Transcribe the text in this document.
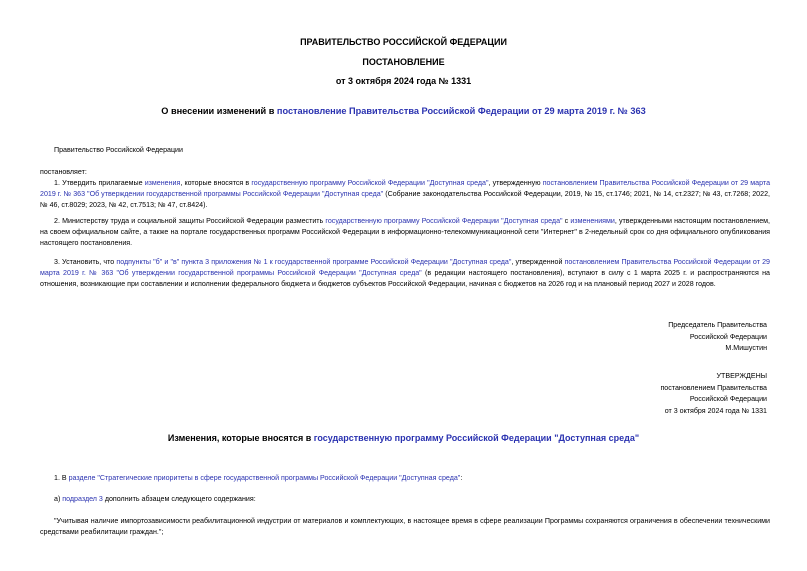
ПРАВИТЕЛЬСТВО РОССИЙСКОЙ ФЕДЕРАЦИИ
ПОСТАНОВЛЕНИЕ
от 3 октября 2024 года № 1331
О внесении изменений в постановление Правительства Российской Федерации от 29 марта 2019 г. № 363
Правительство Российской Федерации
постановляет:
1. Утвердить прилагаемые изменения, которые вносятся в государственную программу Российской Федерации "Доступная среда", утвержденную постановлением Правительства Российской Федерации от 29 марта 2019 г. № 363 "Об утверждении государственной программы Российской Федерации "Доступная среда" (Собрание законодательства Российской Федерации, 2019, № 15, ст.1746; 2021, № 14, ст.2327; № 43, ст.7268; 2022, № 46, ст.8029; 2023, № 42, ст.7513; № 47, ст.8424).
2. Министерству труда и социальной защиты Российской Федерации разместить государственную программу Российской Федерации "Доступная среда" с изменениями, утвержденными настоящим постановлением, на своем официальном сайте, а также на портале государственных программ Российской Федерации в информационно-телекоммуникационной сети "Интернет" в 2-недельный срок со дня официального опубликования настоящего постановления.
3. Установить, что подпункты "б" и "в" пункта 3 приложения № 1 к государственной программе Российской Федерации "Доступная среда", утвержденной постановлением Правительства Российской Федерации от 29 марта 2019 г. № 363 "Об утверждении государственной программы Российской Федерации "Доступная среда" (в редакции настоящего постановления), вступают в силу с 1 марта 2025 г. и распространяются на отношения, возникающие при составлении и исполнении федерального бюджета и бюджетов субъектов Российской Федерации, начиная с бюджетов на 2026 год и на плановый период 2027 и 2028 годов.
Председатель Правительства
Российской Федерации
М.Мишустин
УТВЕРЖДЕНЫ
постановлением Правительства
Российской Федерации
от 3 октября 2024 года № 1331
Изменения, которые вносятся в государственную программу Российской Федерации "Доступная среда"
1. В разделе "Стратегические приоритеты в сфере государственной программы Российской Федерации "Доступная среда":
а) подраздел 3 дополнить абзацем следующего содержания:
"Учитывая наличие импортозависимости реабилитационной индустрии от материалов и комплектующих, в настоящее время в сфере реализации Программы сохраняются ограничения в обеспечении техническими средствами реабилитации граждан.";
